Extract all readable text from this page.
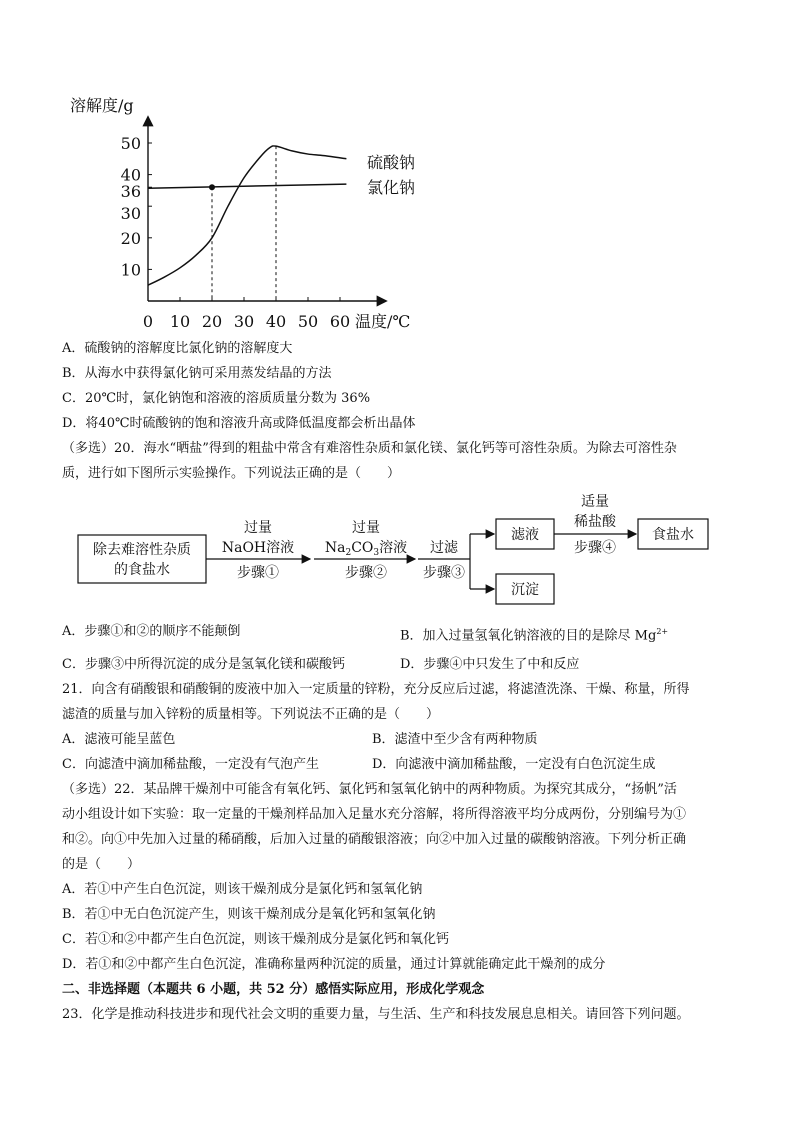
溶解度/g
0 10 20 30 40 50 60
10
20
30
36
40
50
温度/℃
硫酸钠
氯化钠
A．硫酸钠的溶解度比氯化钠的溶解度大
B．从海水中获得氯化钠可采用蒸发结晶的方法
C．20℃时，氯化钠饱和溶液的溶质质量分数为 36%
D．将40℃时硫酸钠的饱和溶液升高或降低温度都会析出晶体
（多选）20．海水“晒盐”得到的粗盐中常含有难溶性杂质和氯化镁、氯化钙等可溶性杂质。为除去可溶性杂
质，进行如下图所示实验操作。下列说法正确的是（　　）
除去难溶性杂质
的食盐水
过量
NaOH溶液
步骤①
过量
$Na_2CO_3$溶液
步骤②
过滤
步骤③
滤液
沉淀
适量
稀盐酸
步骤④
食盐水
A．步骤①和②的顺序不能颠倒	B．加入过量氢氧化钠溶液的目的是除尽 $Mg^{2+}$
C．步骤③中所得沉淀的成分是氢氧化镁和碳酸钙	D．步骤④中只发生了中和反应
21．向含有硝酸银和硝酸铜的废液中加入一定质量的锌粉，充分反应后过滤，将滤渣洗涤、干燥、称量，所得
滤渣的质量与加入锌粉的质量相等。下列说法不正确的是（　　）
A．滤液可能呈蓝色	B．滤渣中至少含有两种物质
C．向滤渣中滴加稀盐酸，一定没有气泡产生	D．向滤液中滴加稀盐酸，一定没有白色沉淀生成
（多选）22．某品牌干燥剂中可能含有氧化钙、氯化钙和氢氧化钠中的两种物质。为探究其成分，“扬帆”活
动小组设计如下实验：取一定量的干燥剂样品加入足量水充分溶解，将所得溶液平均分成两份，分别编号为①
和②。向①中先加入过量的稀硝酸，后加入过量的硝酸银溶液；向②中加入过量的碳酸钠溶液。下列分析正确
的是（　　）
A．若①中产生白色沉淀，则该干燥剂成分是氯化钙和氢氧化钠
B．若①中无白色沉淀产生，则该干燥剂成分是氧化钙和氢氧化钠
C．若①和②中都产生白色沉淀，则该干燥剂成分是氯化钙和氧化钙
D．若①和②中都产生白色沉淀，准确称量两种沉淀的质量，通过计算就能确定此干燥剂的成分
二、非选择题（本题共 6 小题，共 52 分）感悟实际应用，形成化学观念
23．化学是推动科技进步和现代社会文明的重要力量，与生活、生产和科技发展息息相关。请回答下列问题。
